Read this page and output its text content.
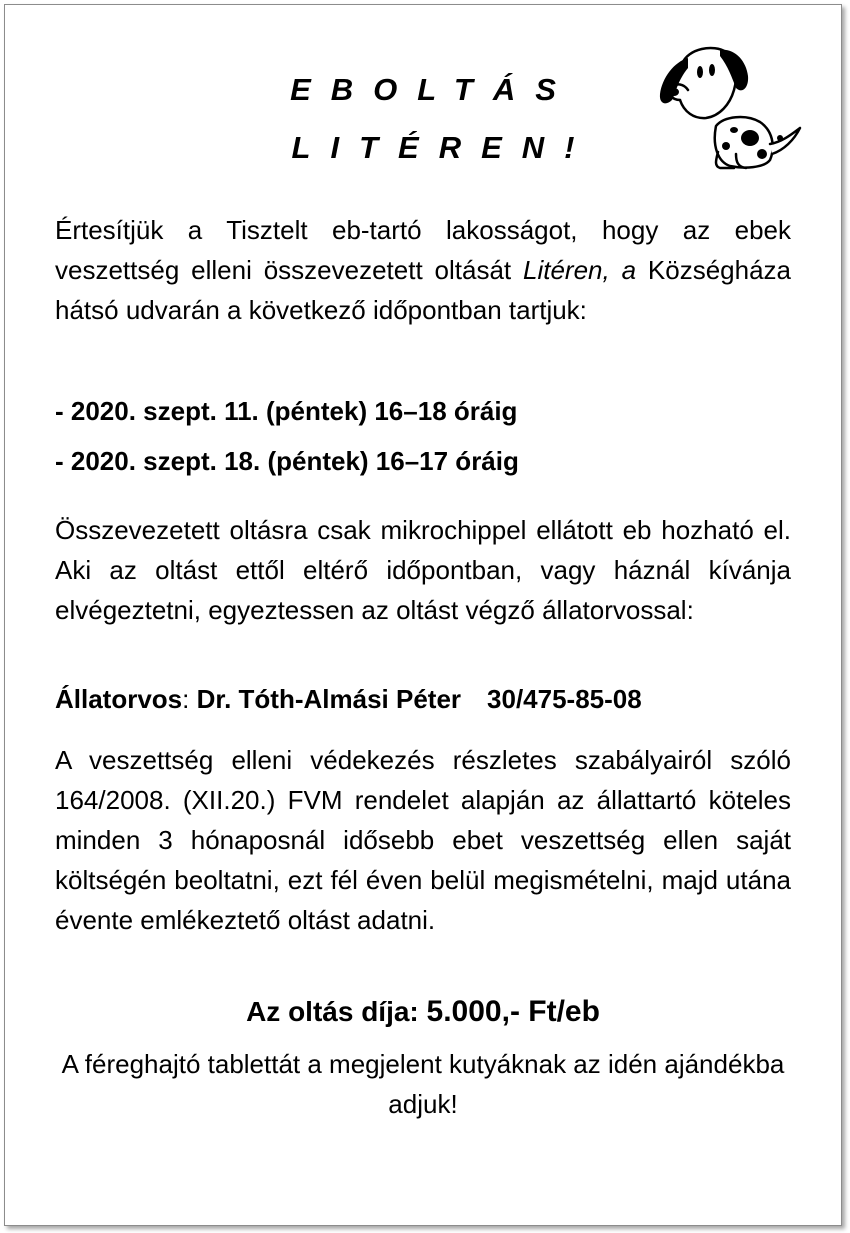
EBOLTÁS
LITÉREN!

Értesítjük a Tisztelt eb-tartó lakosságot, hogy az ebek veszettség elleni összevezetett oltását Litéren, a Községháza hátsó udvarán a következő időpontban tartjuk:

- 2020. szept. 11. (péntek) 16–18 óráig
- 2020. szept. 18. (péntek) 16–17 óráig

Összevezetett oltásra csak mikrochippel ellátott eb hozható el. Aki az oltást ettől eltérő időpontban, vagy háznál kívánja elvégeztetni, egyeztessen az oltást végző állatorvossal:

Állatorvos: Dr. Tóth-Almási Péter 30/475-85-08

A veszettség elleni védekezés részletes szabályairól szóló 164/2008. (XII.20.) FVM rendelet alapján az állattartó köteles minden 3 hónaposnál idősebb ebet veszettség ellen saját költségén beoltatni, ezt fél éven belül megismételni, majd utána évente emlékeztető oltást adatni.

Az oltás díja: 5.000,- Ft/eb

A féreghajtó tablettát a megjelent kutyáknak az idén ajándékba adjuk!
